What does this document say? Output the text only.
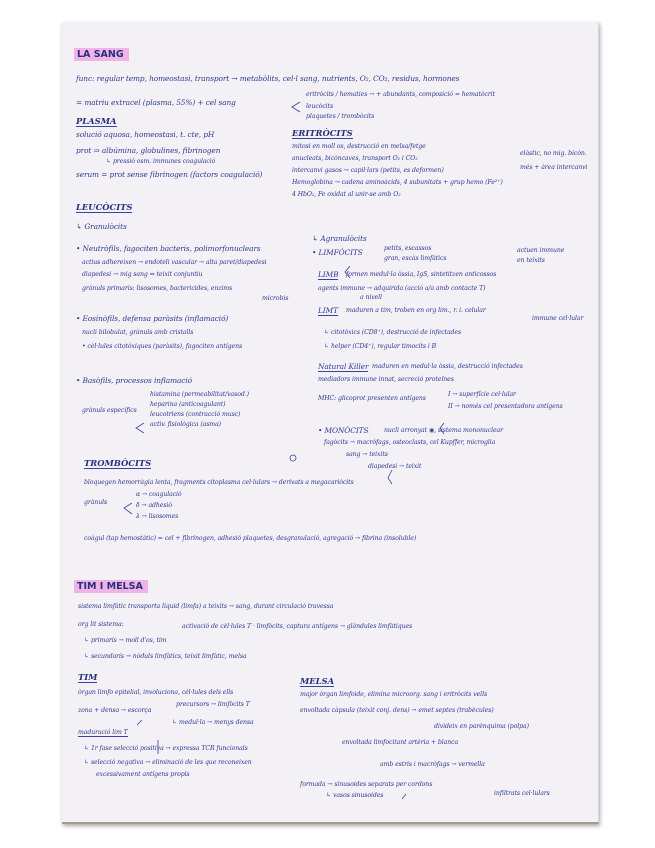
LA SANG
func: regular temp, homeostasi, transport → metabòlits, cel·l sang, nutrients, O₂, CO₂, residus, hormones
= matriu extracel (plasma, 55%) + cel sang
eritròcits / hematies → + abundants, composició = hematòcrit
leucòcits
plaquetes / trombòcits
PLASMA
solució aquosa, homeostasi, t. cte, pH
prot ⇒ albúmina, globulines, fibrinogen
↳ pressió osm. immunes coagulació
serum = prot sense fibrinogen (factors coagulació)
ERITRÒCITS
mitosi en moll os, destrucció en melsa/fetge
anucleats, bicòncaves, transport O₂ i CO₂
elàstic, no mig. bicòn.
intercanvi gasos → capil·lars (petits, es deformen)	més + àrea intercanvi
Hemoglobina → cadena aminoàcids, 4 subunitats + grup hemo (Fe²⁺)
4 HbO₂, Fe oxidat al unir-se amb O₂
LEUCÒCITS
↳ Granulòcits
↳ Agranulòcits
• Neutròfils, fagociten bacteris, polimorfonuclears
actius adhereixen → endoteli vascular → alta paret/diapedesi
diapedesi → mig sang ⇒ teixit conjuntiu
grànuls primaris: lisosomes, bactericides, enzims
microbis
• Eosinòfils, defensa paràsits (inflamació)
nucli bilobulat, grànuls amb cristalls
• cèl·lules citotòxiques (paràsits), fagociten antígens
• Basòfils, processos inflamació
grànuls específics
histamina (permeabilitat/vasod.)
heparina (anticoagulant)
leucotriens (contracció musc)
activ. fisiològica (asma)
• LIMFÒCITS	petits, escassos
gran, escàs limfàtics
actuen immune
en teixits
LIMB formen medul·la òssia, IgS, sintetitzen anticossos
agents immune → adquirida (acció a/a amb contacte T)
a nivell
LIMT maduren a tim, troben en org lim., r. i. celular
immune cel·lular
↳ citotòxics (CD8⁺), destrucció de infectades
↳ helper (CD4⁺), regular timocits i B
Natural Killer maduren en medul·la òssia, destrucció infectades
mediadors immune innat, secreció proteïnes
MHC: glicoprot presenten antígens
I → superfície cel·lular
II → només cel presentadora antígens
• MONÒCITS	nucli arronyat ◉, sistema mononuclear
fagòcits → macròfags, osteoclasts, cel Kupffer, microglia
sang → teixits
diapedesi → teixit
TROMBÒCITS
bloquegen hemorràgia lenta, fragments citoplasma cel·lulars → derivats a megacariòcits
grànuls
α → coagulació
δ → adhesió
λ → lisosomes
coàgul (tap hemostàtic) = cel + fibrinogen, adhesió plaquetes, desgranulació, agregació → fibrina (insoluble)
TIM I MELSA
sistema limfàtic transporta líquid (limfa) a teixits → sang, durant circulació travessa
org lit sistema:	activació de cèl·lules T · limfòcits, captura antígens → glàndules limfàtiques
↳ primaris → moll d'os, tim
↳ secundaris → nòduls limfàtics, teixit limfàtic, melsa
TIM
òrgan limfo epitelial, involuciona, cèl·lules dels ells
zona + densa → escorça
precursors → limfòcits T
maduració lim T
↳ medul·la → menys densa
↳ 1r fase selecció positiva → expressa TCR funcionals
↳ selecció negativa → eliminació de les que reconeixen
excessivament antígens propis
MELSA
major òrgan limfoide, elimina microorg. sang i eritròcits vells
envoltada càpsula (teixit conj. dens) → emet septes (trabècules)
divideix en parènquima (polpa)
envoltada limfocitant artèria + blanca
amb estris i macròfags → vermella
formada → sinusoides separats per cordons
↳ vasos sinusoides	infiltrats cel·lulars
